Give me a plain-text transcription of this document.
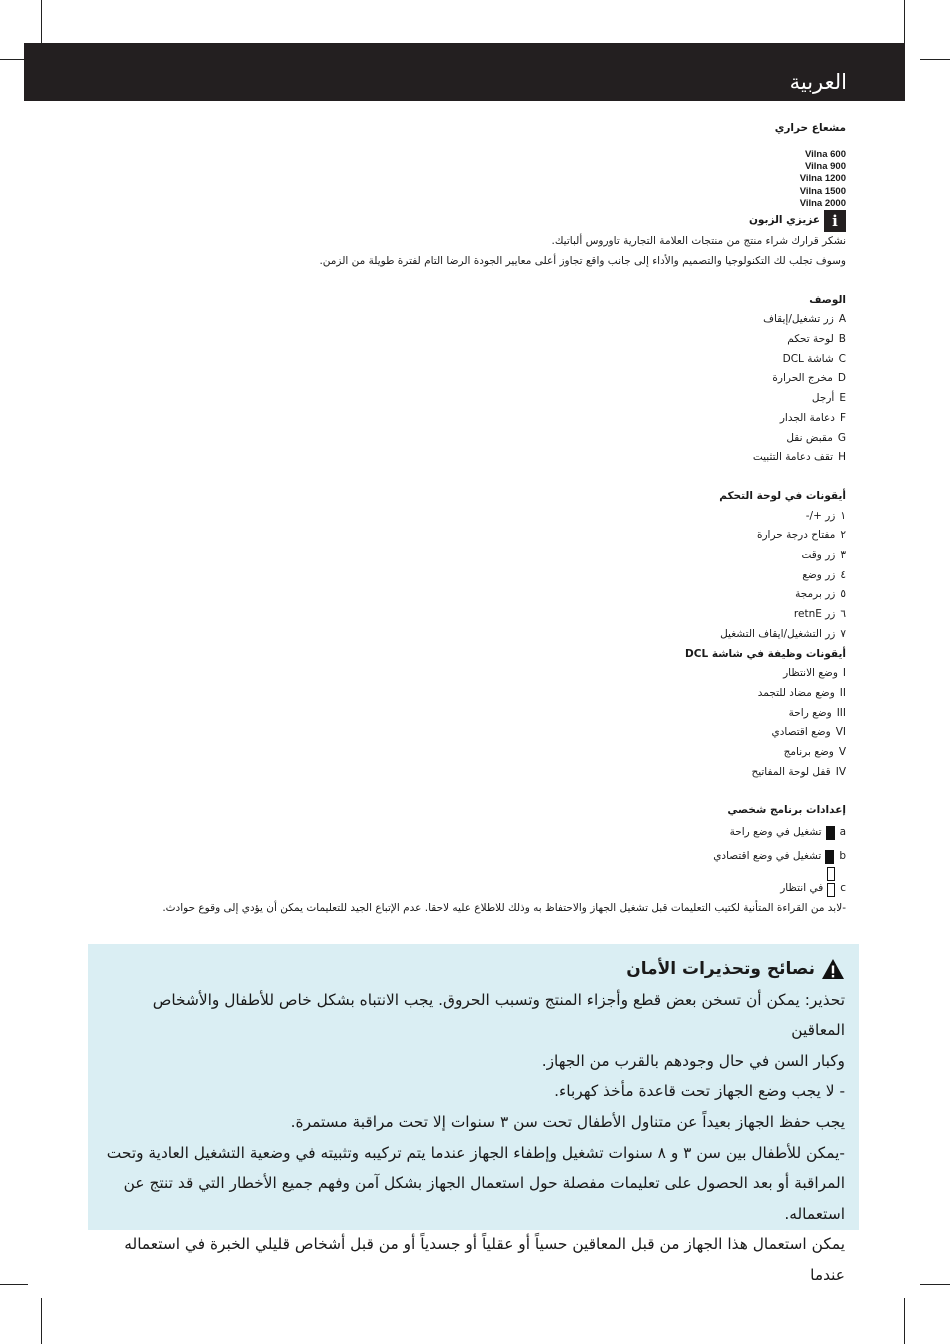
العربية

مشعاع حراري

Vilna 600
Vilna 900
Vilna 1200
Vilna 1500
Vilna 2000
i
عزيزي الزبون

نشكر قرارك شراء منتج من منتجات العلامة التجارية تاوروس ألباتيك.

وسوف تجلب لك التكنولوجيا والتصميم والأداء إلى جانب واقع تجاوز أعلى معايير الجودة الرضا التام لفترة طويلة من الزمن.

الوصف

A
زر تشغيل/إيقاف
B
لوحة تحكم
C
شاشة DCL
D
مخرج الحرارة
E
أرجل
F
دعامة الجدار
G
مقبض نقل
H
تقف دعامة التثبيت

أيقونات في لوحة التحكم

١
زر +/-
٢
مفتاح درجة حرارة
٣
زر وقت
٤
زر وضع
٥
زر برمجة
٦
زر retnE
٧
زر التشغيل/ايقاف التشغيل

أيقونات وظيفة في شاشة DCL

I
وضع الانتظار
II
وضع مضاد للتجمد
III
وضع راحة
VI
وضع اقتصادي
V
وضع برنامج
IV
قفل لوحة المفاتيح

إعدادات برنامج شخصي

a
تشغيل في وضع راحة
b
تشغيل في وضع اقتصادي
c
في انتظار

-لابد من القراءة المتأنية لكتيب التعليمات قبل تشغيل الجهاز والاحتفاظ به وذلك للاطلاع عليه لاحقا. عدم الإتباع الجيد للتعليمات يمكن أن يؤدي إلى وقوع حوادث.

نصائح وتحذيرات الأمان

تحذير: يمكن أن تسخن بعض قطع وأجزاء المنتج وتسبب الحروق. يجب الانتباه بشكل خاص للأطفال والأشخاص المعاقين

وكبار السن في حال وجودهم بالقرب من الجهاز.

- لا يجب وضع الجهاز تحت قاعدة مأخذ كهرباء.

يجب حفظ الجهاز بعيداً عن متناول الأطفال تحت سن ٣ سنوات إلا تحت مراقبة مستمرة.

-يمكن للأطفال بين سن ٣ و ٨ سنوات تشغيل وإطفاء الجهاز عندما يتم تركيبه وتثبيته في وضعية التشغيل العادية وتحت

المراقبة أو بعد الحصول على تعليمات مفصلة حول استعمال الجهاز بشكل آمن وفهم جميع الأخطار التي قد تنتج عن

استعماله.

يمكن استعمال هذا الجهاز من قبل المعاقين حسياً أو عقلياً أو جسدياً أو من قبل أشخاص قليلي الخبرة في استعماله عندما
